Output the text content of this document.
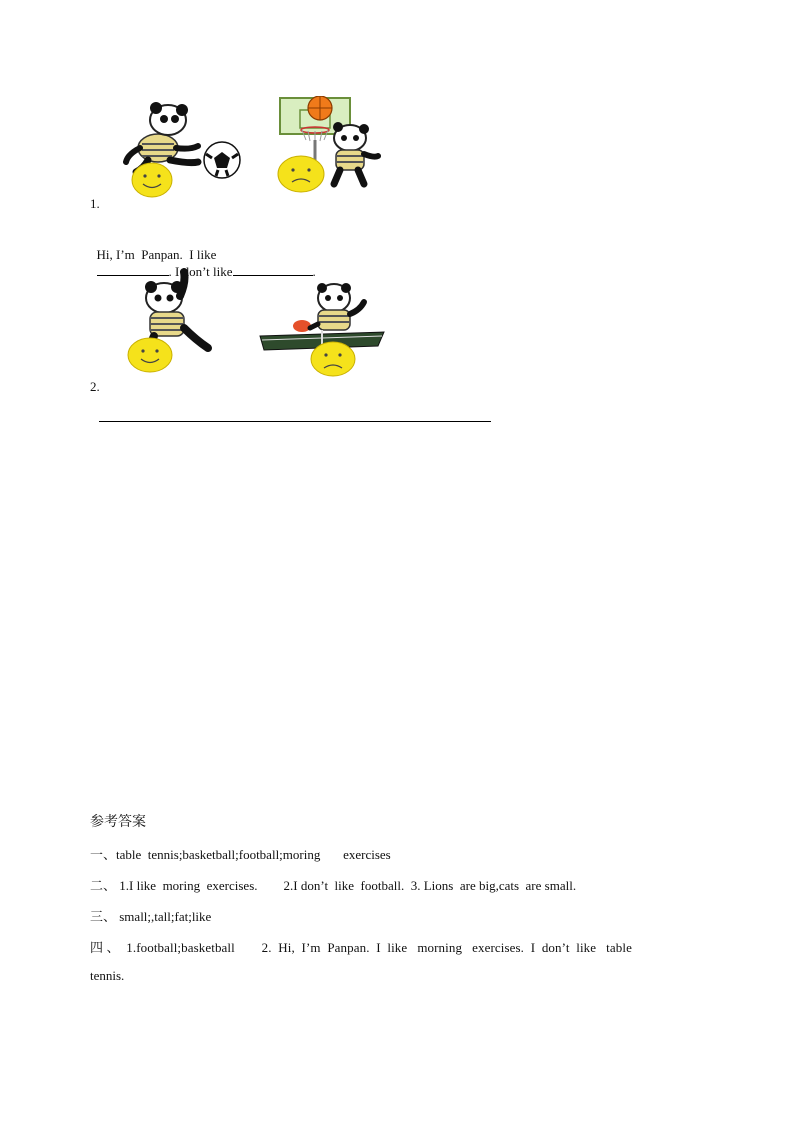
1.

Hi, I’m  Panpan.  I like
. I don’t like	.

2.
参考答案
一、table  tennis;basketball;football;moring       exercises
二、 1.I like  moring  exercises.        2.I don’t  like  football.  3. Lions  are big,cats  are small.
三、 small;,tall;fat;like
四 、  1.football;basketball        2.  Hi,  I’m  Panpan.  I  like   morning   exercises.  I  don’t  like   table
tennis.
